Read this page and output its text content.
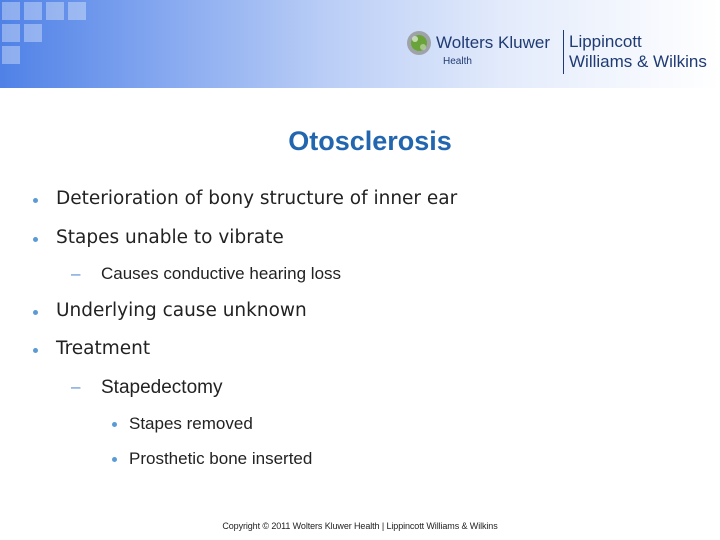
Wolters Kluwer
Health
Lippincott
Williams & Wilkins
Otosclerosis
Deterioration of bony structure of inner ear
Stapes unable to vibrate
– Causes conductive hearing loss
Underlying cause unknown
Treatment
– Stapedectomy
Stapes removed
Prosthetic bone inserted
Copyright © 2011 Wolters Kluwer Health | Lippincott Williams & Wilkins
